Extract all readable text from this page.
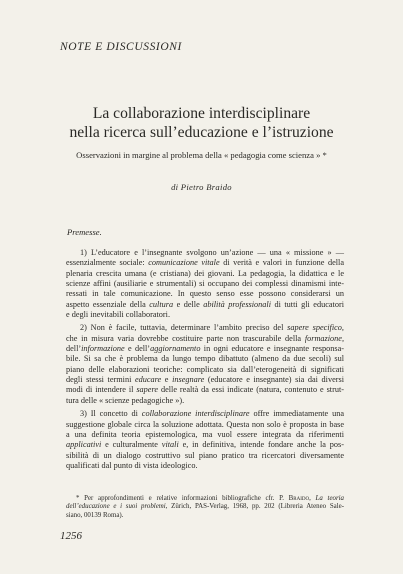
NOTE E DISCUSSIONI
La collaborazione interdisciplinare
nella ricerca sull’educazione e l’istruzione
Osservazioni in margine al problema della « pedagogia come scienza » *
di Pietro Braido
Premesse.

1) L’educatore e l’insegnante svolgono un’azione — una « missione » —
essenzialmente sociale: comunicazione vitale di verità e valori in funzione della
plenaria crescita umana (e cristiana) dei giovani. La pedagogia, la didattica e le
scienze affini (ausiliarie e strumentali) si occupano dei complessi dinamismi inte-
ressati in tale comunicazione. In questo senso esse possono considerarsi un
aspetto essenziale della cultura e delle abilità professionali di tutti gli educatori
e degli inevitabili collaboratori.

2) Non è facile, tuttavia, determinare l’ambito preciso del sapere specifico,
che in misura varia dovrebbe costituire parte non trascurabile della formazione,
dell’informazione e dell’aggiornamento in ogni educatore e insegnante responsa-
bile. Si sa che è problema da lungo tempo dibattuto (almeno da due secoli) sul
piano delle elaborazioni teoriche: complicato sia dall’eterogeneità di significati
degli stessi termini educare e insegnare (educatore e insegnante) sia dai diversi
modi di intendere il sapere delle realtà da essi indicate (natura, contenuto e strut-
tura delle « scienze pedagogiche »).

3) Il concetto di collaborazione interdisciplinare offre immediatamente una
suggestione globale circa la soluzione adottata. Questa non solo è proposta in base
a una definita teoria epistemologica, ma vuol essere integrata da riferimenti
applicativi e culturalmente vitali e, in definitiva, intende fondare anche la pos-
sibilità di un dialogo costruttivo sul piano pratico tra ricercatori diversamente
qualificati dal punto di vista ideologico.

* Per approfondimenti e relative informazioni bibliografiche cfr. P. Braido, La teoria
dell’educazione e i suoi problemi, Zürich, PAS-Verlag, 1968, pp. 202 (Libreria Ateneo Sale-
siano, 00139 Roma).
1256
